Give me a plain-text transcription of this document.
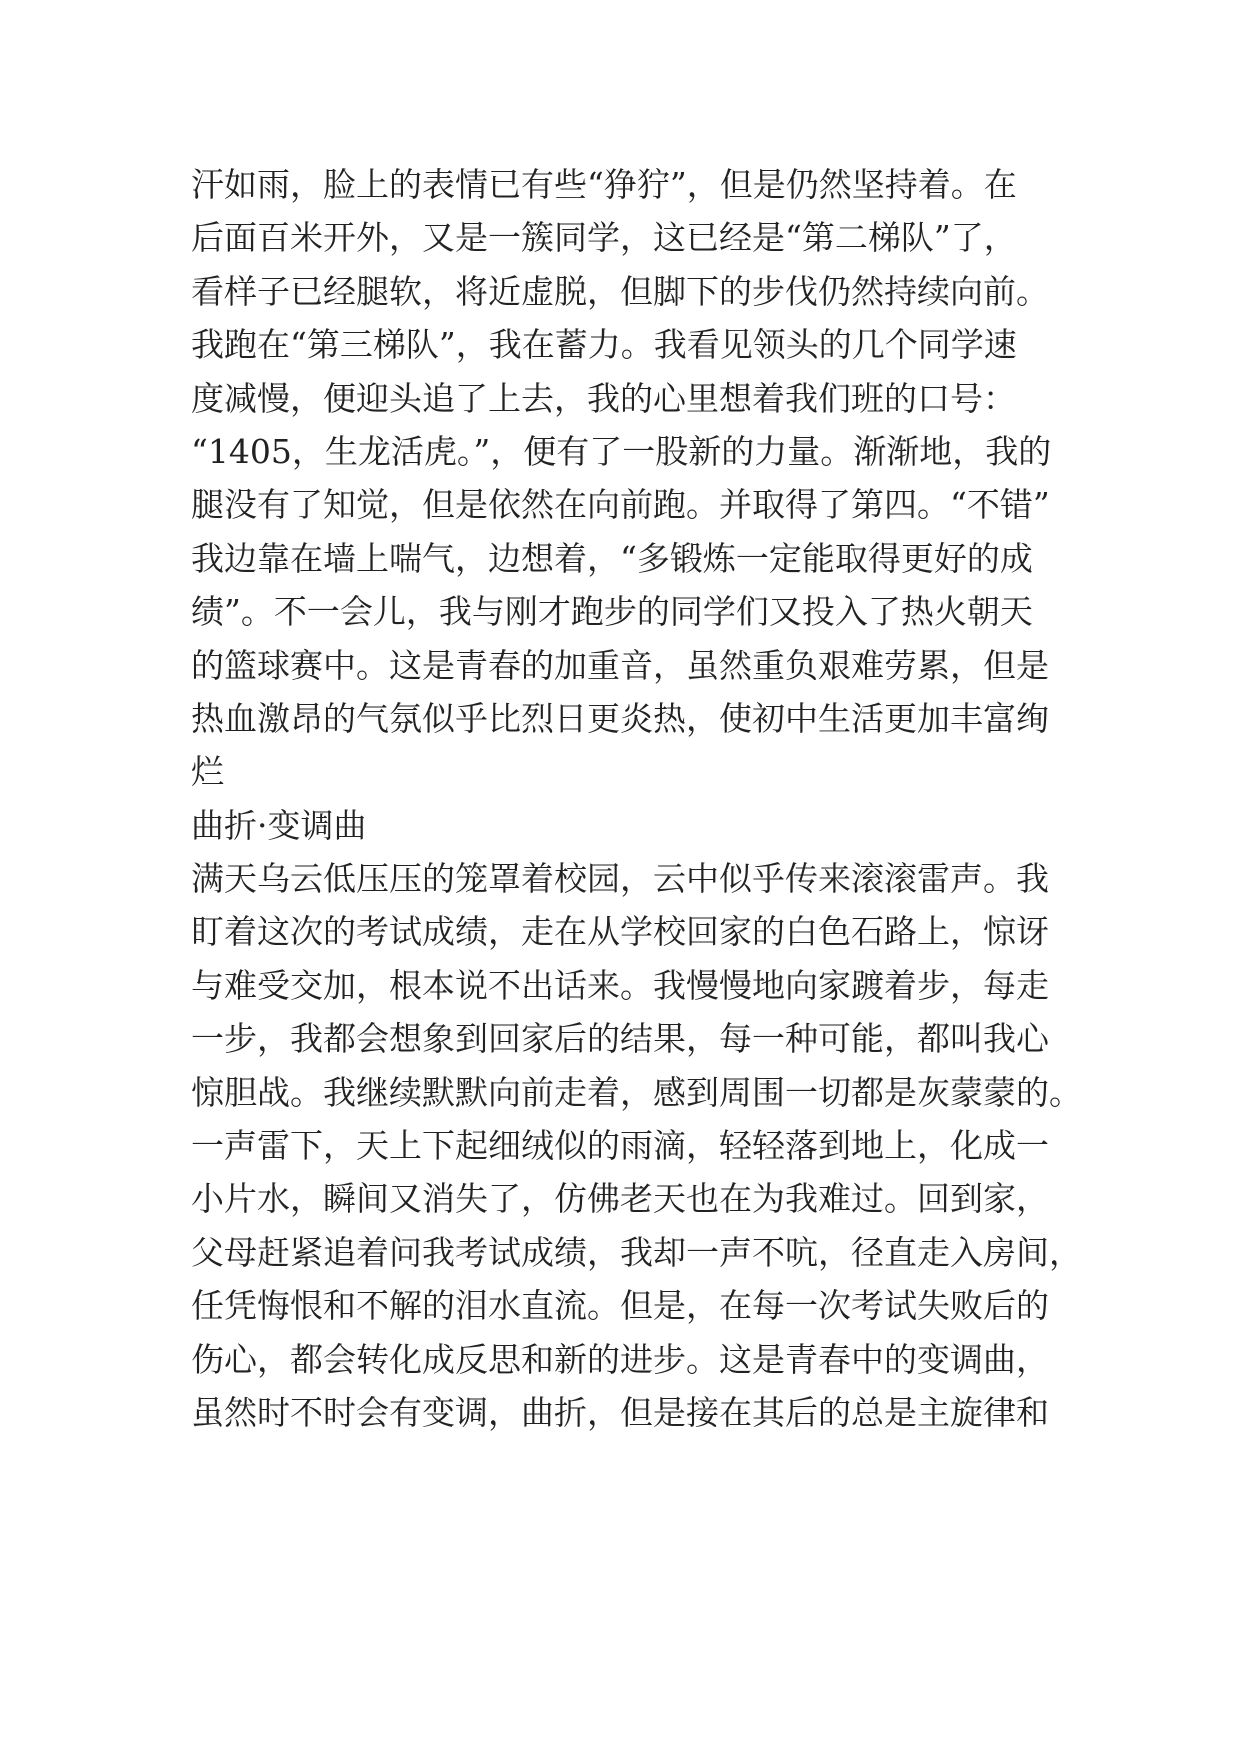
汗如雨，脸上的表情已有些“狰狞”，但是仍然坚持着。在

后面百米开外，又是一簇同学，这已经是“第二梯队”了，

看样子已经腿软，将近虚脱，但脚下的步伐仍然持续向前。

我跑在“第三梯队”，我在蓄力。我看见领头的几个同学速

度减慢，便迎头追了上去，我的心里想着我们班的口号：

“1405，生龙活虎。”，便有了一股新的力量。渐渐地，我的

腿没有了知觉，但是依然在向前跑。并取得了第四。“不错”

我边靠在墙上喘气，边想着，“多锻炼一定能取得更好的成

绩”。不一会儿，我与刚才跑步的同学们又投入了热火朝天

的篮球赛中。这是青春的加重音，虽然重负艰难劳累，但是

热血激昂的气氛似乎比烈日更炎热，使初中生活更加丰富绚

烂

曲折·变调曲

满天乌云低压压的笼罩着校园，云中似乎传来滚滚雷声。我

盯着这次的考试成绩，走在从学校回家的白色石路上，惊讶

与难受交加，根本说不出话来。我慢慢地向家踱着步，每走

一步，我都会想象到回家后的结果，每一种可能，都叫我心

惊胆战。我继续默默向前走着，感到周围一切都是灰蒙蒙的。

一声雷下，天上下起细绒似的雨滴，轻轻落到地上，化成一

小片水，瞬间又消失了，仿佛老天也在为我难过。回到家，

父母赶紧追着问我考试成绩，我却一声不吭，径直走入房间，

任凭悔恨和不解的泪水直流。但是，在每一次考试失败后的

伤心，都会转化成反思和新的进步。这是青春中的变调曲，

虽然时不时会有变调，曲折，但是接在其后的总是主旋律和
